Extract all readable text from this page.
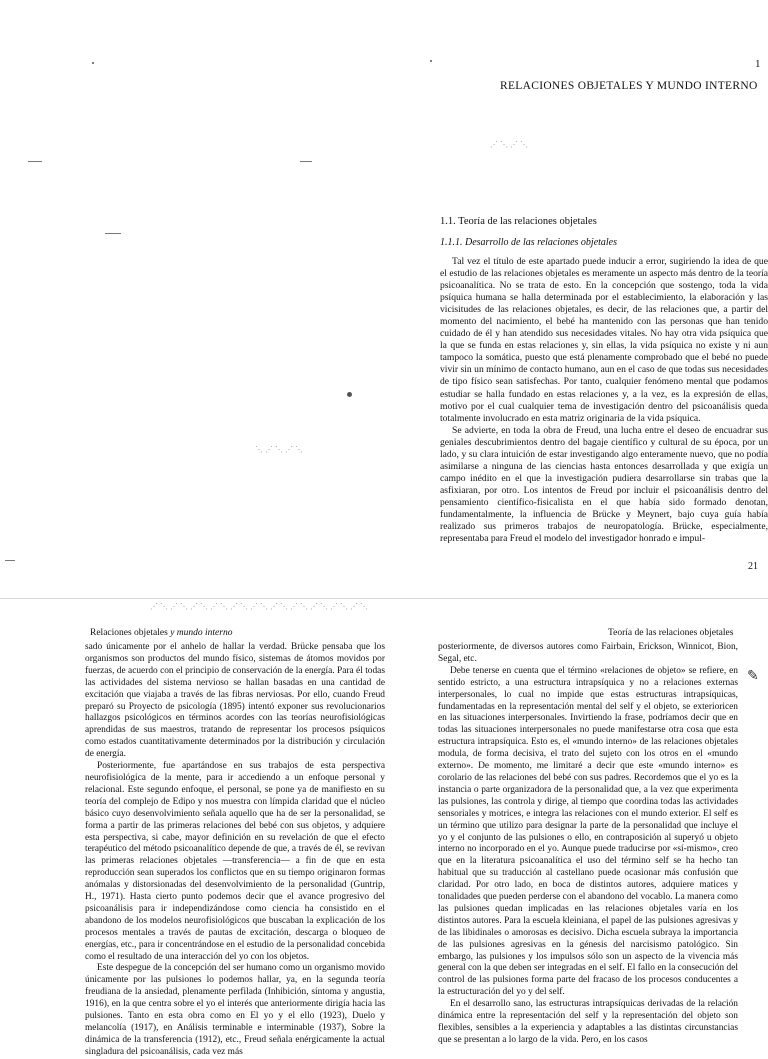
1
RELACIONES OBJETALES Y MUNDO INTERNO
1.1. Teoría de las relaciones objetales
1.1.1. Desarrollo de las relaciones objetales

Tal vez el título de este apartado puede inducir a error, sugiriendo la idea de que el estudio de las relaciones objetales es meramente un aspecto más dentro de la teoría psicoanalítica. No se trata de esto. En la concepción que sostengo, toda la vida psíquica humana se halla determinada por el establecimiento, la elaboración y las vicisitudes de las relaciones objetales, es decir, de las relaciones que, a partir del momento del nacimiento, el bebé ha mantenido con las personas que han tenido cuidado de él y han atendido sus necesidades vitales. No hay otra vida psíquica que la que se funda en estas relaciones y, sin ellas, la vida psíquica no existe y ni aun tampoco la somática, puesto que está plenamente comprobado que el bebé no puede vivir sin un mínimo de contacto humano, aun en el caso de que todas sus necesidades de tipo físico sean satisfechas. Por tanto, cualquier fenómeno mental que podamos estudiar se halla fundado en estas relaciones y, a la vez, es la expresión de ellas, motivo por el cual cualquier tema de investigación dentro del psicoanálisis queda totalmente involucrado en esta matriz originaria de la vida psíquica.

Se advierte, en toda la obra de Freud, una lucha entre el deseo de encuadrar sus geniales descubrimientos dentro del bagaje científico y cultural de su época, por un lado, y su clara intuición de estar investigando algo enteramente nuevo, que no podía asimilarse a ninguna de las ciencias hasta entonces desarrollada y que exigía un campo inédito en el que la investigación pudiera desarrollarse sin trabas que la asfixiaran, por otro. Los intentos de Freud por incluir el psicoanálisis dentro del pensamiento científico-fisicalista en el que había sido formado denotan, fundamentalmente, la influencia de Brücke y Meynert, bajo cuya guía había realizado sus primeros trabajos de neuropatología. Brücke, especialmente, representaba para Freud el modelo del investigador honrado e impul-

21
⋰⋱⋰⋱
⋱⋰⋱⋰⋱
⋰⋱⋰⋱⋰⋱⋰⋱⋰⋱⋰⋱⋰⋱⋰⋱⋰⋱⋰⋱⋰⋱
Relaciones objetales y mundo interno	Teoría de las relaciones objetales

sado únicamente por el anhelo de hallar la verdad. Brücke pensaba que los organismos son productos del mundo físico, sistemas de átomos movidos por fuerzas, de acuerdo con el principio de conservación de la energía. Para él todas las actividades del sistema nervioso se hallan basadas en una cantidad de excitación que viajaba a través de las fibras nerviosas. Por ello, cuando Freud preparó su Proyecto de psicología (1895) intentó exponer sus revolucionarios hallazgos psicológicos en términos acordes con las teorías neurofisiológicas aprendidas de sus maestros, tratando de representar los procesos psíquicos como estados cuantitativamente determinados por la distribución y circulación de energía.

Posteriormente, fue apartándose en sus trabajos de esta perspectiva neurofisiológica de la mente, para ir accediendo a un enfoque personal y relacional. Este segundo enfoque, el personal, se pone ya de manifiesto en su teoría del complejo de Edipo y nos muestra con límpida claridad que el núcleo básico cuyo desenvolvimiento señala aquello que ha de ser la personalidad, se forma a partir de las primeras relaciones del bebé con sus objetos, y adquiere esta perspectiva, si cabe, mayor definición en su revelación de que el efecto terapéutico del método psicoanalítico depende de que, a través de él, se revivan las primeras relaciones objetales —transferencia— a fin de que en esta reproducción sean superados los conflictos que en su tiempo originaron formas anómalas y distorsionadas del desenvolvimiento de la personalidad (Guntrip, H., 1971). Hasta cierto punto podemos decir que el avance progresivo del psicoanálisis para ir independizándose como ciencia ha consistido en el abandono de los modelos neurofisiológicos que buscaban la explicación de los procesos mentales a través de pautas de excitación, descarga o bloqueo de energías, etc., para ir concentrándose en el estudio de la personalidad concebida como el resultado de una interacción del yo con los objetos.

Este despegue de la concepción del ser humano como un organismo movido únicamente por las pulsiones lo podemos hallar, ya, en la segunda teoría freudiana de la ansiedad, plenamente perfilada (Inhibición, síntoma y angustia, 1916), en la que centra sobre el yo el interés que anteriormente dirigía hacia las pulsiones. Tanto en esta obra como en El yo y el ello (1923), Duelo y melancolía (1917), en Análisis terminable e interminable (1937), Sobre la dinámica de la transferencia (1912), etc., Freud señala enérgicamente la actual singladura del psicoanálisis, cada vez más

posteriormente, de diversos autores como Fairbain, Erickson, Winnicot, Bion, Segal, etc.

Debe tenerse en cuenta que el término «relaciones de objeto» se refiere, en sentido estricto, a una estructura intrapsíquica y no a relaciones externas interpersonales, lo cual no impide que estas estructuras intrapsíquicas, fundamentadas en la representación mental del self y el objeto, se exterioricen en las situaciones interpersonales. Invirtiendo la frase, podríamos decir que en todas las situaciones interpersonales no puede manifestarse otra cosa que esta estructura intrapsíquica. Esto es, el «mundo interno» de las relaciones objetales modula, de forma decisiva, el trato del sujeto con los otros en el «mundo externo». De momento, me limitaré a decir que este «mundo interno» es corolario de las relaciones del bebé con sus padres. Recordemos que el yo es la instancia o parte organizadora de la personalidad que, a la vez que experimenta las pulsiones, las controla y dirige, al tiempo que coordina todas las actividades sensoriales y motrices, e integra las relaciones con el mundo exterior. El self es un término que utilizo para designar la parte de la personalidad que incluye el yo y el conjunto de las pulsiones o ello, en contraposición al superyó u objeto interno no incorporado en el yo. Aunque puede traducirse por «sí-mismo», creo que en la literatura psicoanalítica el uso del término self se ha hecho tan habitual que su traducción al castellano puede ocasionar más confusión que claridad. Por otro lado, en boca de distintos autores, adquiere matices y tonalidades que pueden perderse con el abandono del vocablo. La manera como las pulsiones quedan implicadas en las relaciones objetales varía en los distintos autores. Para la escuela kleiniana, el papel de las pulsiones agresivas y de las libidinales o amorosas es decisivo. Dicha escuela subraya la importancia de las pulsiones agresivas en la génesis del narcisismo patológico. Sin embargo, las pulsiones y los impulsos sólo son un aspecto de la vivencia más general con la que deben ser integradas en el self. El fallo en la consecución del control de las pulsiones forma parte del fracaso de los procesos conducentes a la estructuración del yo y del self.

En el desarrollo sano, las estructuras intrapsíquicas derivadas de la relación dinámica entre la representación del self y la representación del objeto son flexibles, sensibles a la experiencia y adaptables a las distintas circunstancias que se presentan a lo largo de la vida. Pero, en los casos

✎
